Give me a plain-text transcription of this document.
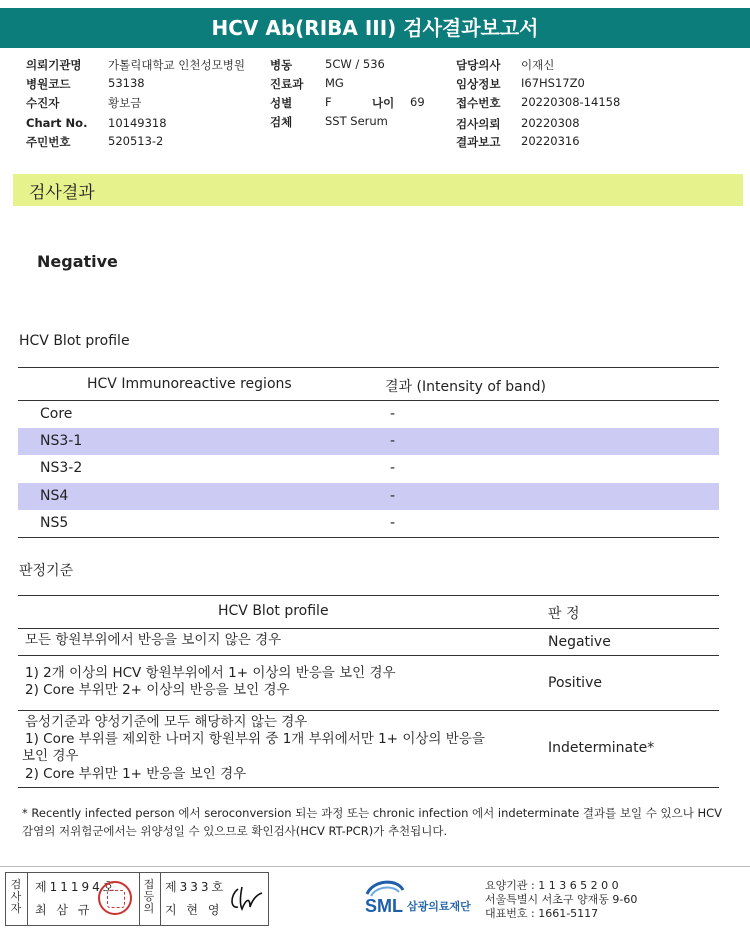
HCV Ab(RIBA III) 검사결과보고서
의뢰기관명 가톨릭대학교 인천성모병원
병원코드	53138
수진자	황보금
Chart No. 10149318
주민번호	520513-2
병동	5CW / 536
진료과 MG
성별	F	나이 69
검체	SST Serum
담당의사 이재신
임상정보 I67HS17Z0
접수번호 20220308-14158
검사의뢰 20220308
결과보고 20220316
검사결과
Negative
HCV Blot profile
HCV Immunoreactive regions	결과 (Intensity of band)
Core	-
NS3-1	-
NS3-2	-
NS4	-
NS5	-
판정기준
HCV Blot profile	판 정
모든 항원부위에서 반응을 보이지 않은 경우	Negative
1) 2개 이상의 HCV 항원부위에서 1+ 이상의 반응을 보인 경우
2) Core 부위만 2+ 이상의 반응을 보인 경우	Positive
음성기준과 양성기준에 모두 해당하지 않는 경우
1) Core 부위를 제외한 나머지 항원부위 중 1개 부위에서만 1+ 이상의 반응을
보인 경우
2) Core 부위만 1+ 반응을 보인 경우
Indeterminate*
* Recently infected person 에서 seroconversion 되는 과정 또는 chronic infection 에서 indeterminate 결과를 보일 수 있으나 HCV 감염의 저위험군에서는 위양성일 수 있으므로 확인검사(HCV RT-PCR)가 추천됩니다.
검사자
제11194호
최 삼 규
접등의
제333호
지 현 영	SML 삼광의료재단
요양기관 : 1 1 3 6 5 2 0 0
서울특별시 서초구 양재동 9-60
대표번호 : 1661-5117
